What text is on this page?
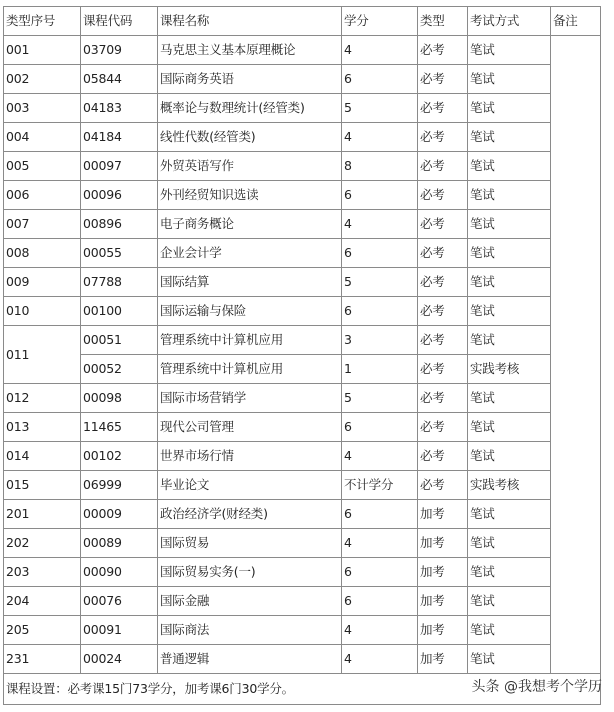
类型序号	课程代码	课程名称	学分	类型	考试方式	备注
001	03709	马克思主义基本原理概论	4	必考	笔试	
002	05844	国际商务英语	6	必考	笔试	
003	04183	概率论与数理统计(经管类)	5	必考	笔试	
004	04184	线性代数(经管类)	4	必考	笔试	
005	00097	外贸英语写作	8	必考	笔试	
006	00096	外刊经贸知识选读	6	必考	笔试	
007	00896	电子商务概论	4	必考	笔试	
008	00055	企业会计学	6	必考	笔试	
009	07788	国际结算	5	必考	笔试	
010	00100	国际运输与保险	6	必考	笔试	
011	00051	管理系统中计算机应用	3	必考	笔试	
	00052	管理系统中计算机应用	1	必考	实践考核	
012	00098	国际市场营销学	5	必考	笔试	
013	11465	现代公司管理	6	必考	笔试	
014	00102	世界市场行情	4	必考	笔试	
015	06999	毕业论文	不计学分	必考	实践考核	
201	00009	政治经济学(财经类)	6	加考	笔试	
202	00089	国际贸易	4	加考	笔试	
203	00090	国际贸易实务(一)	6	加考	笔试	
204	00076	国际金融	6	加考	笔试	
205	00091	国际商法	4	加考	笔试	
231	00024	普通逻辑	4	加考	笔试	
课程设置：必考课15门73学分，加考课6门30学分。							头条 @我想考个学历
